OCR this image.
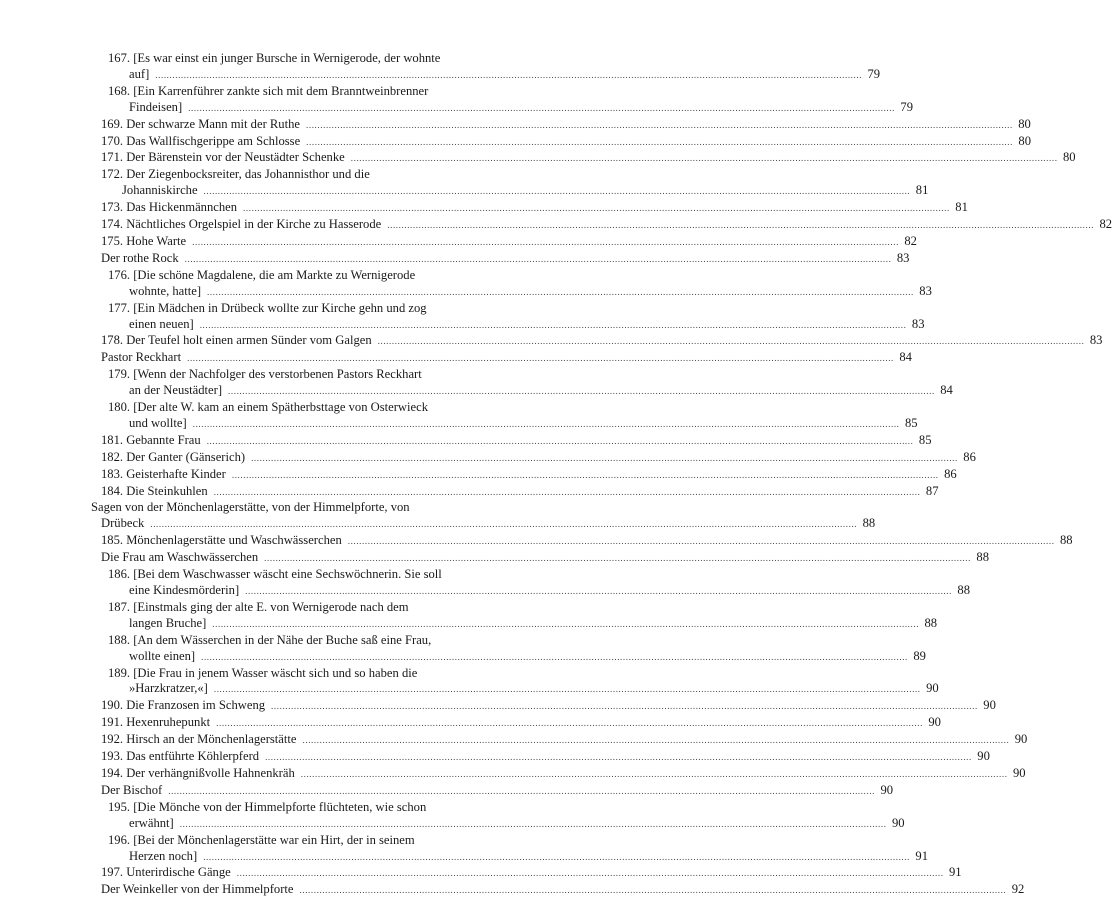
167. [Es war einst ein junger Bursche in Wernigerode, der wohnte
auf] .....	79
168. [Ein Karrenführer zankte sich mit dem Branntweinbrenner
Findeisen] .....	79
169. Der schwarze Mann mit der Ruthe .....	80
170. Das Wallfischgerippe am Schlosse .....	80
171. Der Bärenstein vor der Neustädter Schenke .....	80
172. Der Ziegenbocksreiter, das Johannisthor und die
Johanniskirche .....	81
173. Das Hickenmännchen .....	81
174. Nächtliches Orgelspiel in der Kirche zu Hasserode .....	82
175. Hohe Warte .....	82
Der rothe Rock .....	83
176. [Die schöne Magdalene, die am Markte zu Wernigerode
wohnte, hatte] .....	83
177. [Ein Mädchen in Drübeck wollte zur Kirche gehn und zog
einen neuen] .....	83
178. Der Teufel holt einen armen Sünder vom Galgen .....	83
Pastor Reckhart .....	84
179. [Wenn der Nachfolger des verstorbenen Pastors Reckhart
an der Neustädter] .....	84
180. [Der alte W. kam an einem Spätherbsttage von Osterwieck
und wollte] .....	85
181. Gebannte Frau .....	85
182. Der Ganter (Gänserich) .....	86
183. Geisterhafte Kinder .....	86
184. Die Steinkuhlen .....	87
Sagen von der Mönchenlagerstätte, von der Himmelpforte, von
Drübeck .....	88
185. Mönchenlagerstätte und Waschwässerchen .....	88
Die Frau am Waschwässerchen .....	88
186. [Bei dem Waschwasser wäscht eine Sechswöchnerin. Sie soll
eine Kindesmörderin] .....	88
187. [Einstmals ging der alte E. von Wernigerode nach dem
langen Bruche] .....	88
188. [An dem Wässerchen in der Nähe der Buche saß eine Frau,
wollte einen] .....	89
189. [Die Frau in jenem Wasser wäscht sich und so haben die
»Harzkratzer,«] .....	90
190. Die Franzosen im Schweng .....	90
191. Hexenruhepunkt .....	90
192. Hirsch an der Mönchenlagerstätte .....	90
193. Das entführte Köhlerpferd .....	90
194. Der verhängnißvolle Hahnenkräh .....	90
Der Bischof .....	90
195. [Die Mönche von der Himmelpforte flüchteten, wie schon
erwähnt] .....	90
196. [Bei der Mönchenlagerstätte war ein Hirt, der in seinem
Herzen noch] .....	91
197. Unterirdische Gänge .....	91
Der Weinkeller von der Himmelpforte .....	92
